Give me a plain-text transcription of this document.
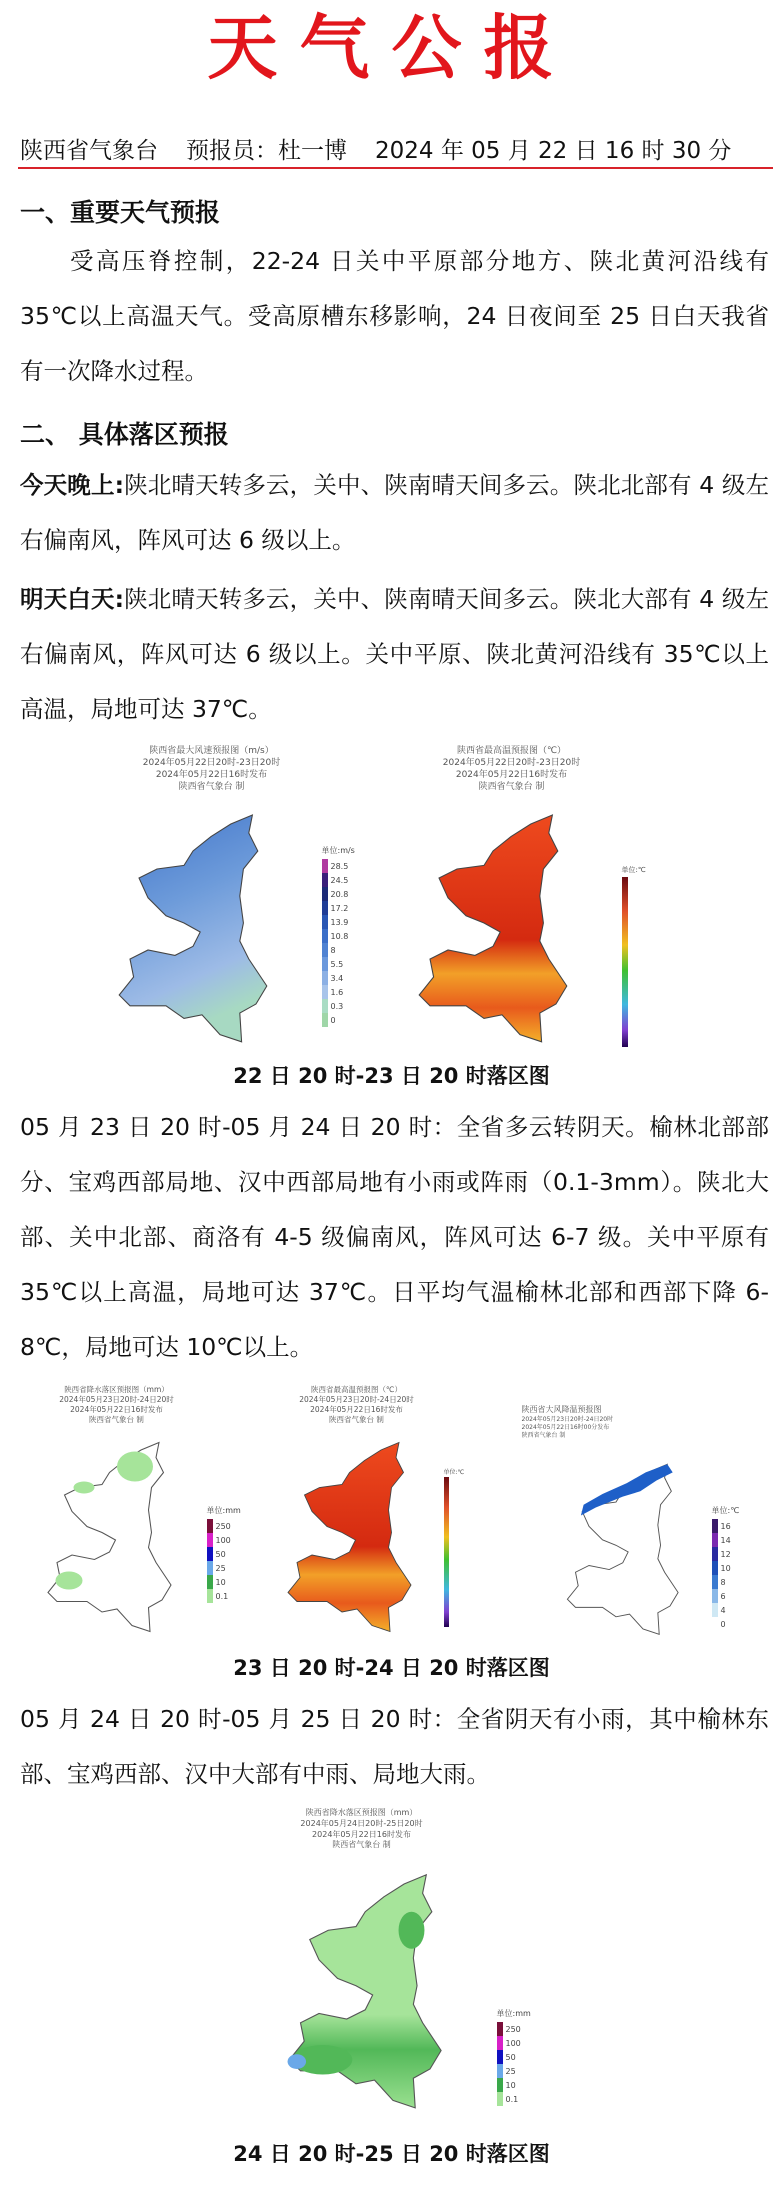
天气公报
陕西省气象台 预报员：杜一博 2024 年 05 月 22 日 16 时 30 分
一、重要天气预报
受高压脊控制，22-24 日关中平原部分地方、陕北黄河沿线有 35℃以上高温天气。受高原槽东移影响，24 日夜间至 25 日白天我省有一次降水过程。
二、 具体落区预报
今天晚上:陕北晴天转多云，关中、陕南晴天间多云。陕北北部有 4 级左右偏南风，阵风可达 6 级以上。
明天白天:陕北晴天转多云，关中、陕南晴天间多云。陕北大部有 4 级左右偏南风，阵风可达 6 级以上。关中平原、陕北黄河沿线有 35℃以上高温，局地可达 37℃。
陕西省最大风速预报图（m/s）
2024年05月22日20时-23日20时
2024年05月22日16时发布
陕西省气象台 制
单位:m/s
28.5
24.5
20.8
17.2
13.9
10.8
8
5.5
3.4
1.6
0.3
0
陕西省最高温预报图（℃）
2024年05月22日20时-23日20时
2024年05月22日16时发布
陕西省气象台 制
单位:℃
22 日 20 时-23 日 20 时落区图
05 月 23 日 20 时-05 月 24 日 20 时：全省多云转阴天。榆林北部部分、宝鸡西部局地、汉中西部局地有小雨或阵雨（0.1-3mm）。陕北大部、关中北部、商洛有 4-5 级偏南风，阵风可达 6-7 级。关中平原有 35℃以上高温，局地可达 37℃。日平均气温榆林北部和西部下降 6-8℃，局地可达 10℃以上。
陕西省降水落区预报图（mm）
2024年05月23日20时-24日20时
2024年05月22日16时发布
陕西省气象台 制
单位:mm
250
100
50
25
10
0.1
陕西省最高温预报图（℃）
2024年05月23日20时-24日20时
2024年05月22日16时发布
陕西省气象台 制
单位:℃
陕西省大风降温预报图
2024年05月23日20时-24日20时
2024年05月22日16时00分发布
陕西省气象台 制
单位:℃
16
14
12
10
8
6
4
0
23 日 20 时-24 日 20 时落区图
05 月 24 日 20 时-05 月 25 日 20 时：全省阴天有小雨，其中榆林东部、宝鸡西部、汉中大部有中雨、局地大雨。
陕西省降水落区预报图（mm）
2024年05月24日20时-25日20时
2024年05月22日16时发布
陕西省气象台 制
单位:mm
250
100
50
25
10
0.1
24 日 20 时-25 日 20 时落区图
